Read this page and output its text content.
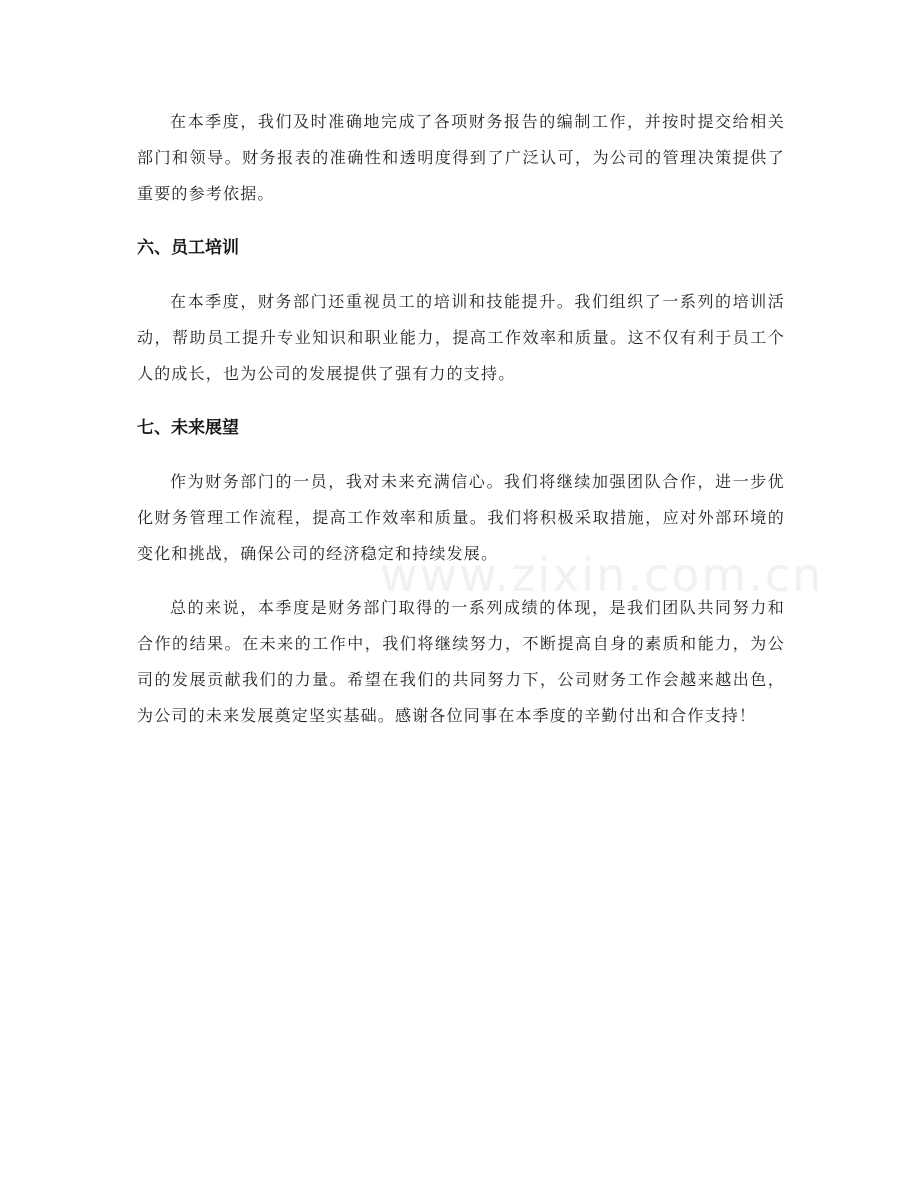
在本季度，我们及时准确地完成了各项财务报告的编制工作，并按时提交给相关部门和领导。财务报表的准确性和透明度得到了广泛认可，为公司的管理决策提供了重要的参考依据。

六、员工培训

在本季度，财务部门还重视员工的培训和技能提升。我们组织了一系列的培训活动，帮助员工提升专业知识和职业能力，提高工作效率和质量。这不仅有利于员工个人的成长，也为公司的发展提供了强有力的支持。

七、未来展望

作为财务部门的一员，我对未来充满信心。我们将继续加强团队合作，进一步优化财务管理工作流程，提高工作效率和质量。我们将积极采取措施，应对外部环境的变化和挑战，确保公司的经济稳定和持续发展。

总的来说，本季度是财务部门取得的一系列成绩的体现，是我们团队共同努力和合作的结果。在未来的工作中，我们将继续努力，不断提高自身的素质和能力，为公司的发展贡献我们的力量。希望在我们的共同努力下，公司财务工作会越来越出色，为公司的未来发展奠定坚实基础。感谢各位同事在本季度的辛勤付出和合作支持！

www.zixin.com.cn
